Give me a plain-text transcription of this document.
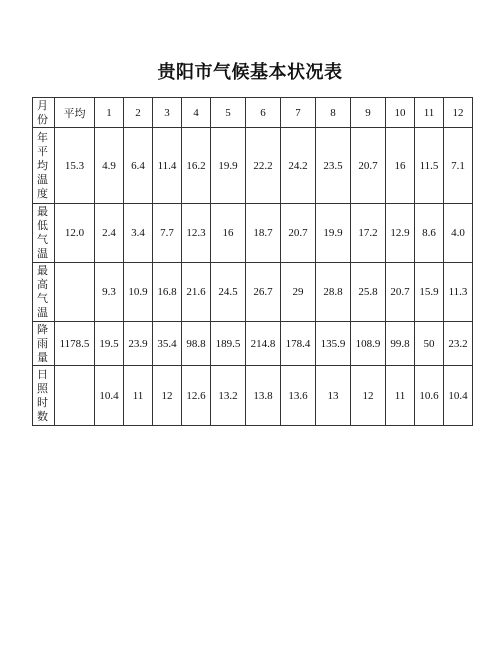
贵阳市气候基本状况表
月份	平均	1	2	3	4	5	6	7	8	9	10	11	12
年平均温度	15.3	4.9	6.4	11.4	16.2	19.9	22.2	24.2	23.5	20.7	16	11.5	7.1
最低气温	12.0	2.4	3.4	7.7	12.3	16	18.7	20.7	19.9	17.2	12.9	8.6	4.0
最高气温		9.3	10.9	16.8	21.6	24.5	26.7	29	28.8	25.8	20.7	15.9	11.3
降雨量	1178.5	19.5	23.9	35.4	98.8	189.5	214.8	178.4	135.9	108.9	99.8	50	23.2
日照时数		10.4	11	12	12.6	13.2	13.8	13.6	13	12	11	10.6	10.4
